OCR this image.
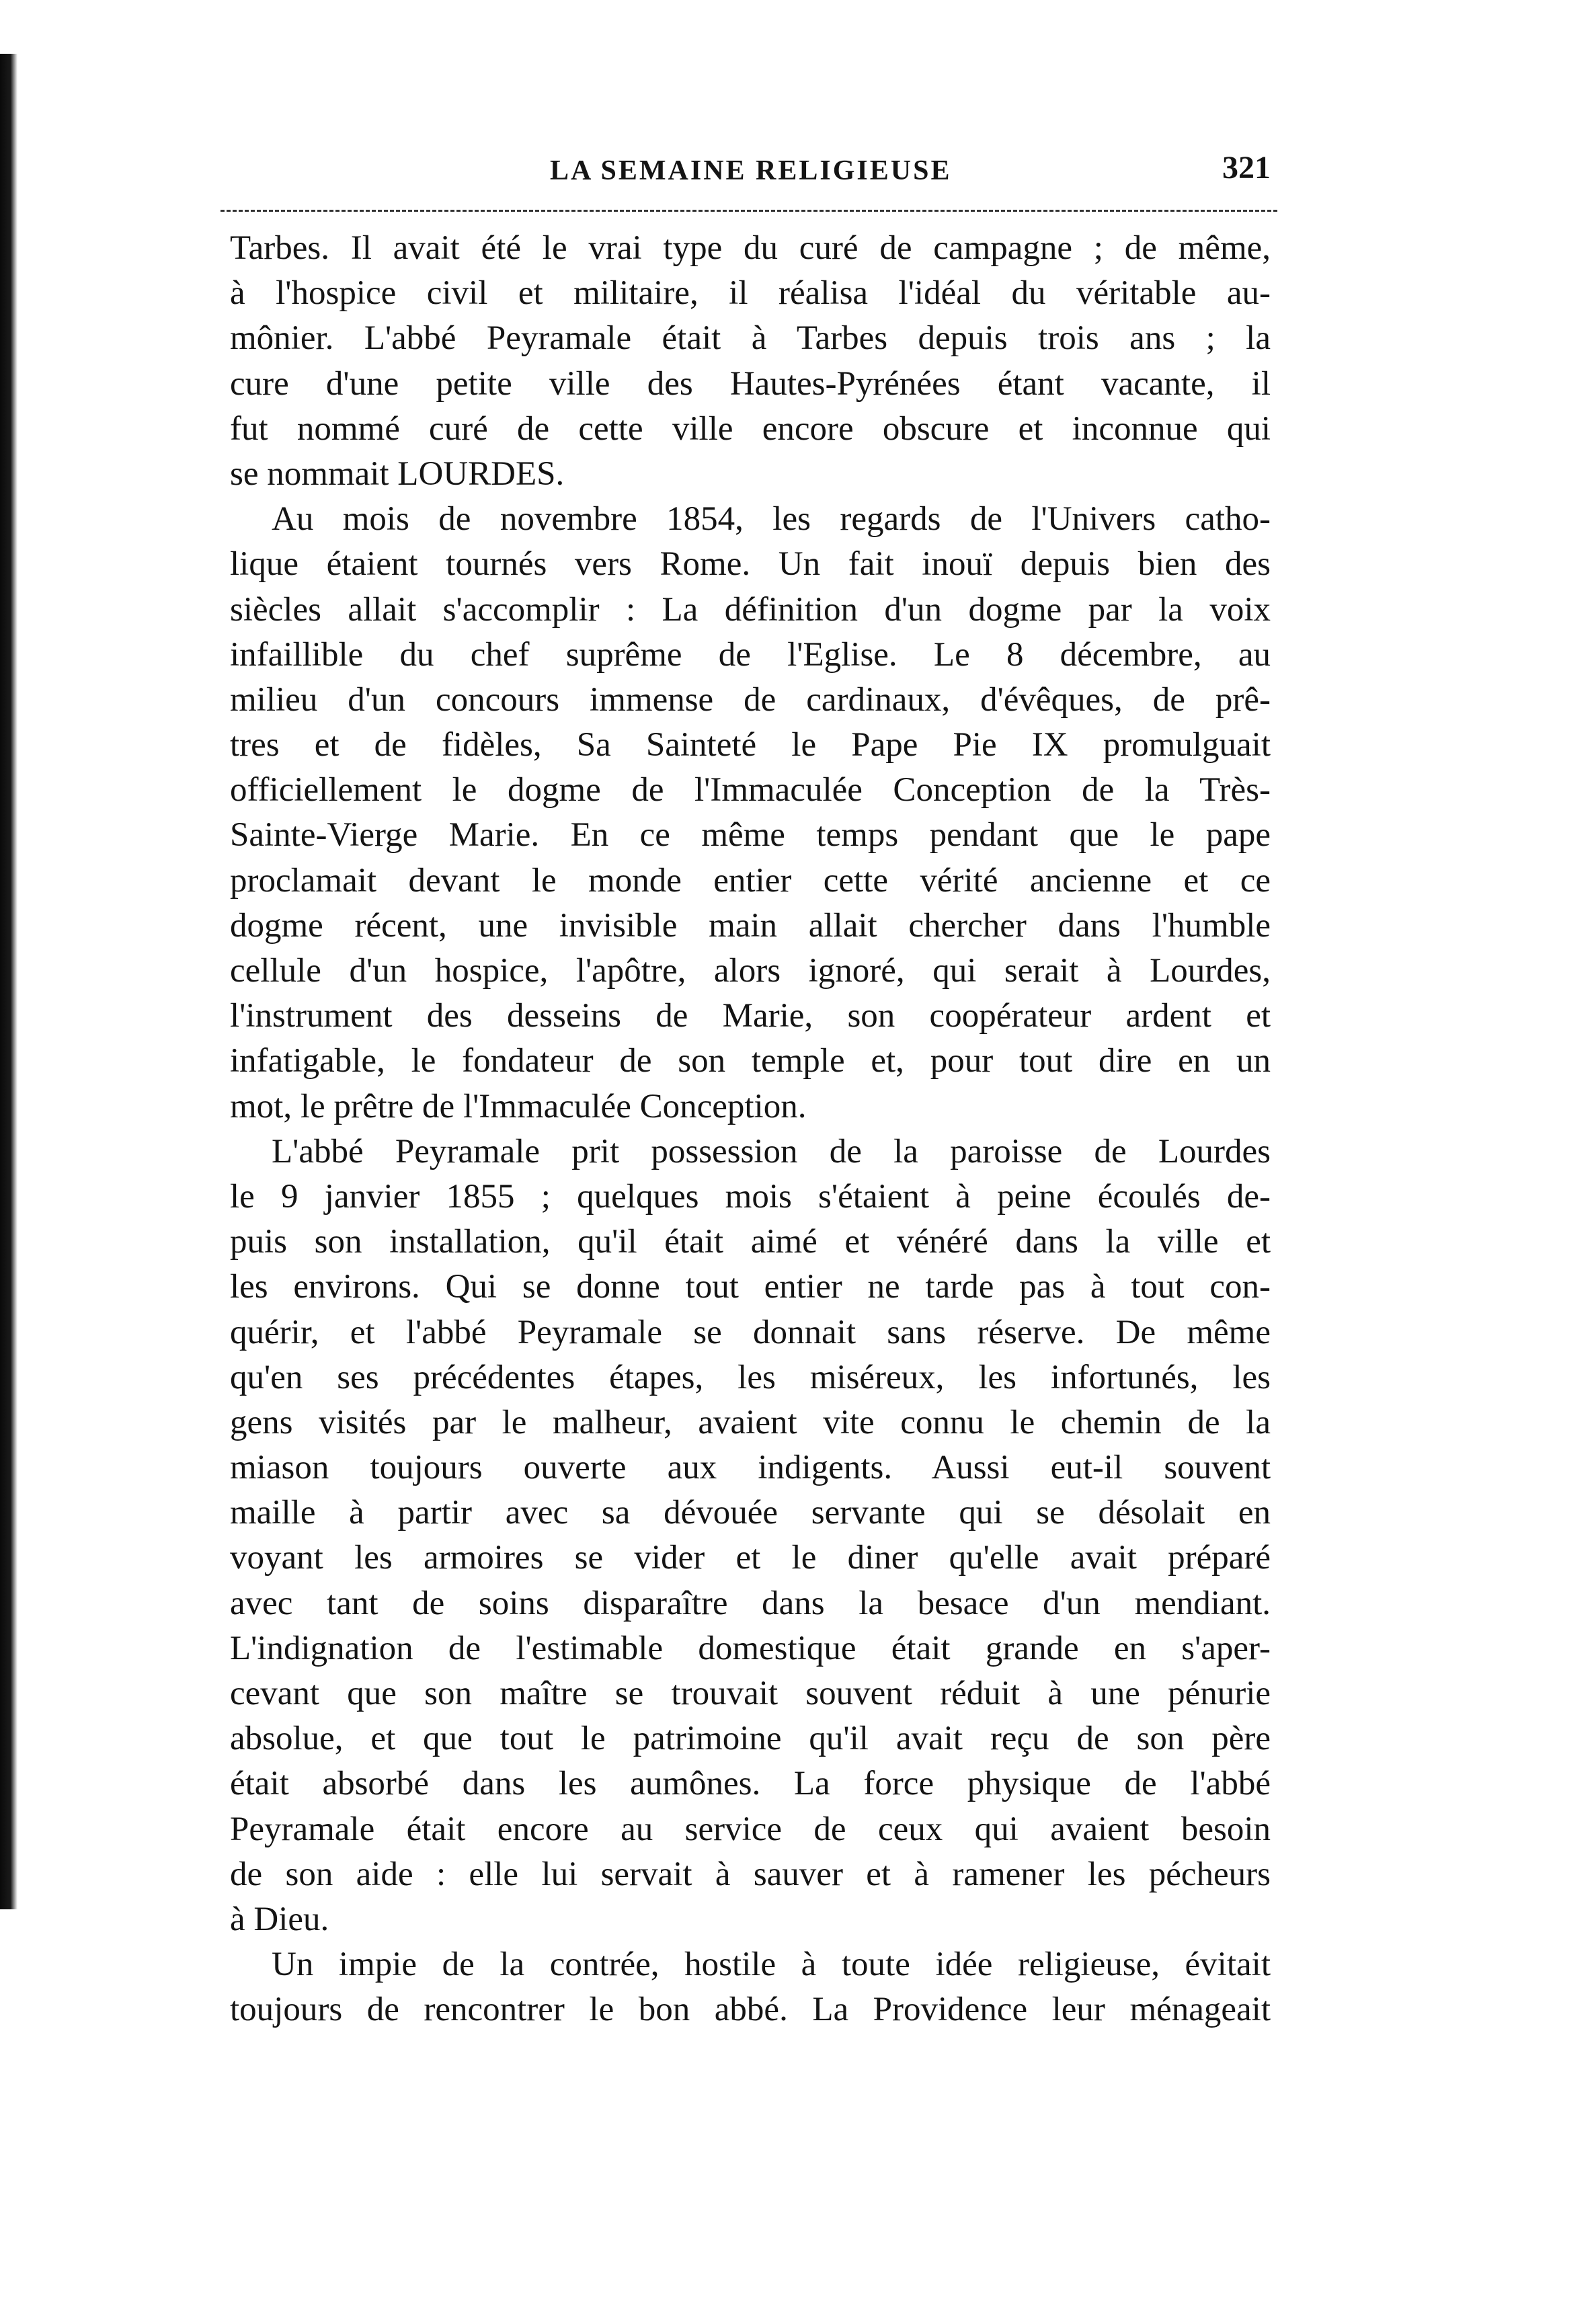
LA SEMAINE RELIGIEUSE	321
Tarbes. Il avait été le vrai type du curé de campagne ; de même,
à l'hospice civil et militaire, il réalisa l'idéal du véritable au-
mônier. L'abbé Peyramale était à Tarbes depuis trois ans ; la
cure d'une petite ville des Hautes-Pyrénées étant vacante, il
fut nommé curé de cette ville encore obscure et inconnue qui
se nommait LOURDES.
Au mois de novembre 1854, les regards de l'Univers catho-
lique étaient tournés vers Rome. Un fait inouï depuis bien des
siècles allait s'accomplir : La définition d'un dogme par la voix
infaillible du chef suprême de l'Eglise. Le 8 décembre, au
milieu d'un concours immense de cardinaux, d'évêques, de prê-
tres et de fidèles, Sa Sainteté le Pape Pie IX promulguait
officiellement le dogme de l'Immaculée Conception de la Très-
Sainte-Vierge Marie. En ce même temps pendant que le pape
proclamait devant le monde entier cette vérité ancienne et ce
dogme récent, une invisible main allait chercher dans l'humble
cellule d'un hospice, l'apôtre, alors ignoré, qui serait à Lourdes,
l'instrument des desseins de Marie, son coopérateur ardent et
infatigable, le fondateur de son temple et, pour tout dire en un
mot, le prêtre de l'Immaculée Conception.
L'abbé Peyramale prit possession de la paroisse de Lourdes
le 9 janvier 1855 ; quelques mois s'étaient à peine écoulés de-
puis son installation, qu'il était aimé et vénéré dans la ville et
les environs. Qui se donne tout entier ne tarde pas à tout con-
quérir, et l'abbé Peyramale se donnait sans réserve. De même
qu'en ses précédentes étapes, les miséreux, les infortunés, les
gens visités par le malheur, avaient vite connu le chemin de la
miason toujours ouverte aux indigents. Aussi eut-il souvent
maille à partir avec sa dévouée servante qui se désolait en
voyant les armoires se vider et le diner qu'elle avait préparé
avec tant de soins disparaître dans la besace d'un mendiant.
L'indignation de l'estimable domestique était grande en s'aper-
cevant que son maître se trouvait souvent réduit à une pénurie
absolue, et que tout le patrimoine qu'il avait reçu de son père
était absorbé dans les aumônes. La force physique de l'abbé
Peyramale était encore au service de ceux qui avaient besoin
de son aide : elle lui servait à sauver et à ramener les pécheurs
à Dieu.
Un impie de la contrée, hostile à toute idée religieuse, évitait
toujours de rencontrer le bon abbé. La Providence leur ménageait
